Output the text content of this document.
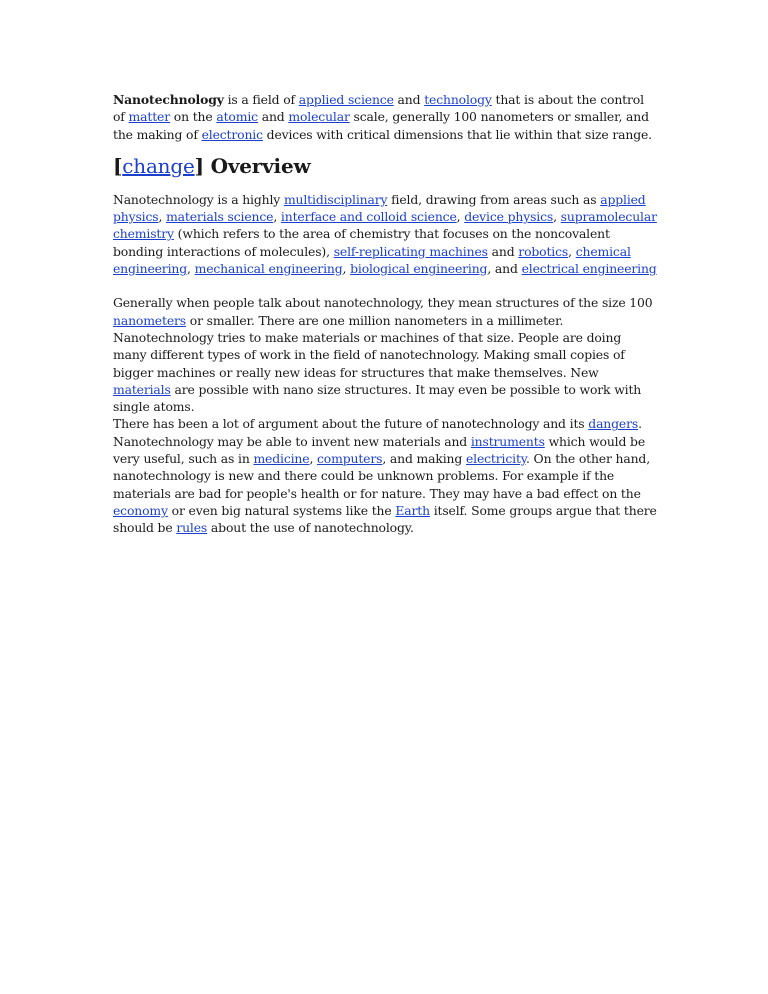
Nanotechnology is a field of applied science and technology that is about the control of matter on the atomic and molecular scale, generally 100 nanometers or smaller, and the making of electronic devices with critical dimensions that lie within that size range.

[change] Overview

Nanotechnology is a highly multidisciplinary field, drawing from areas such as applied physics, materials science, interface and colloid science, device physics, supramolecular chemistry (which refers to the area of chemistry that focuses on the noncovalent bonding interactions of molecules), self-replicating machines and robotics, chemical engineering, mechanical engineering, biological engineering, and electrical engineering

Generally when people talk about nanotechnology, they mean structures of the size 100 nanometers or smaller. There are one million nanometers in a millimeter. Nanotechnology tries to make materials or machines of that size. People are doing many different types of work in the field of nanotechnology. Making small copies of bigger machines or really new ideas for structures that make themselves. New materials are possible with nano size structures. It may even be possible to work with single atoms.
There has been a lot of argument about the future of nanotechnology and its dangers. Nanotechnology may be able to invent new materials and instruments which would be very useful, such as in medicine, computers, and making electricity. On the other hand, nanotechnology is new and there could be unknown problems. For example if the materials are bad for people's health or for nature. They may have a bad effect on the economy or even big natural systems like the Earth itself. Some groups argue that there should be rules about the use of nanotechnology.
